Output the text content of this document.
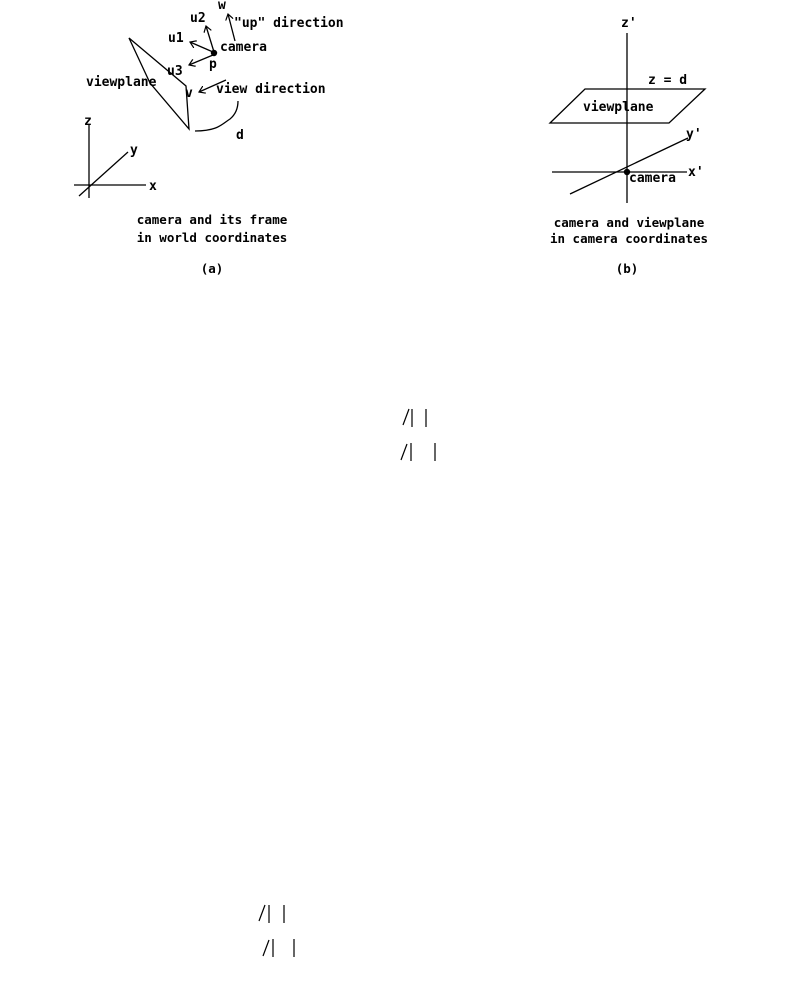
w
"up" direction
u2
u1
camera
p
u3
viewplane
v view direction
d
z
y
x
camera and its frame
in world coordinates
(a)
z'
z = d
viewplane
y'
x'
camera
camera and viewplane
in camera coordinates
(b)
